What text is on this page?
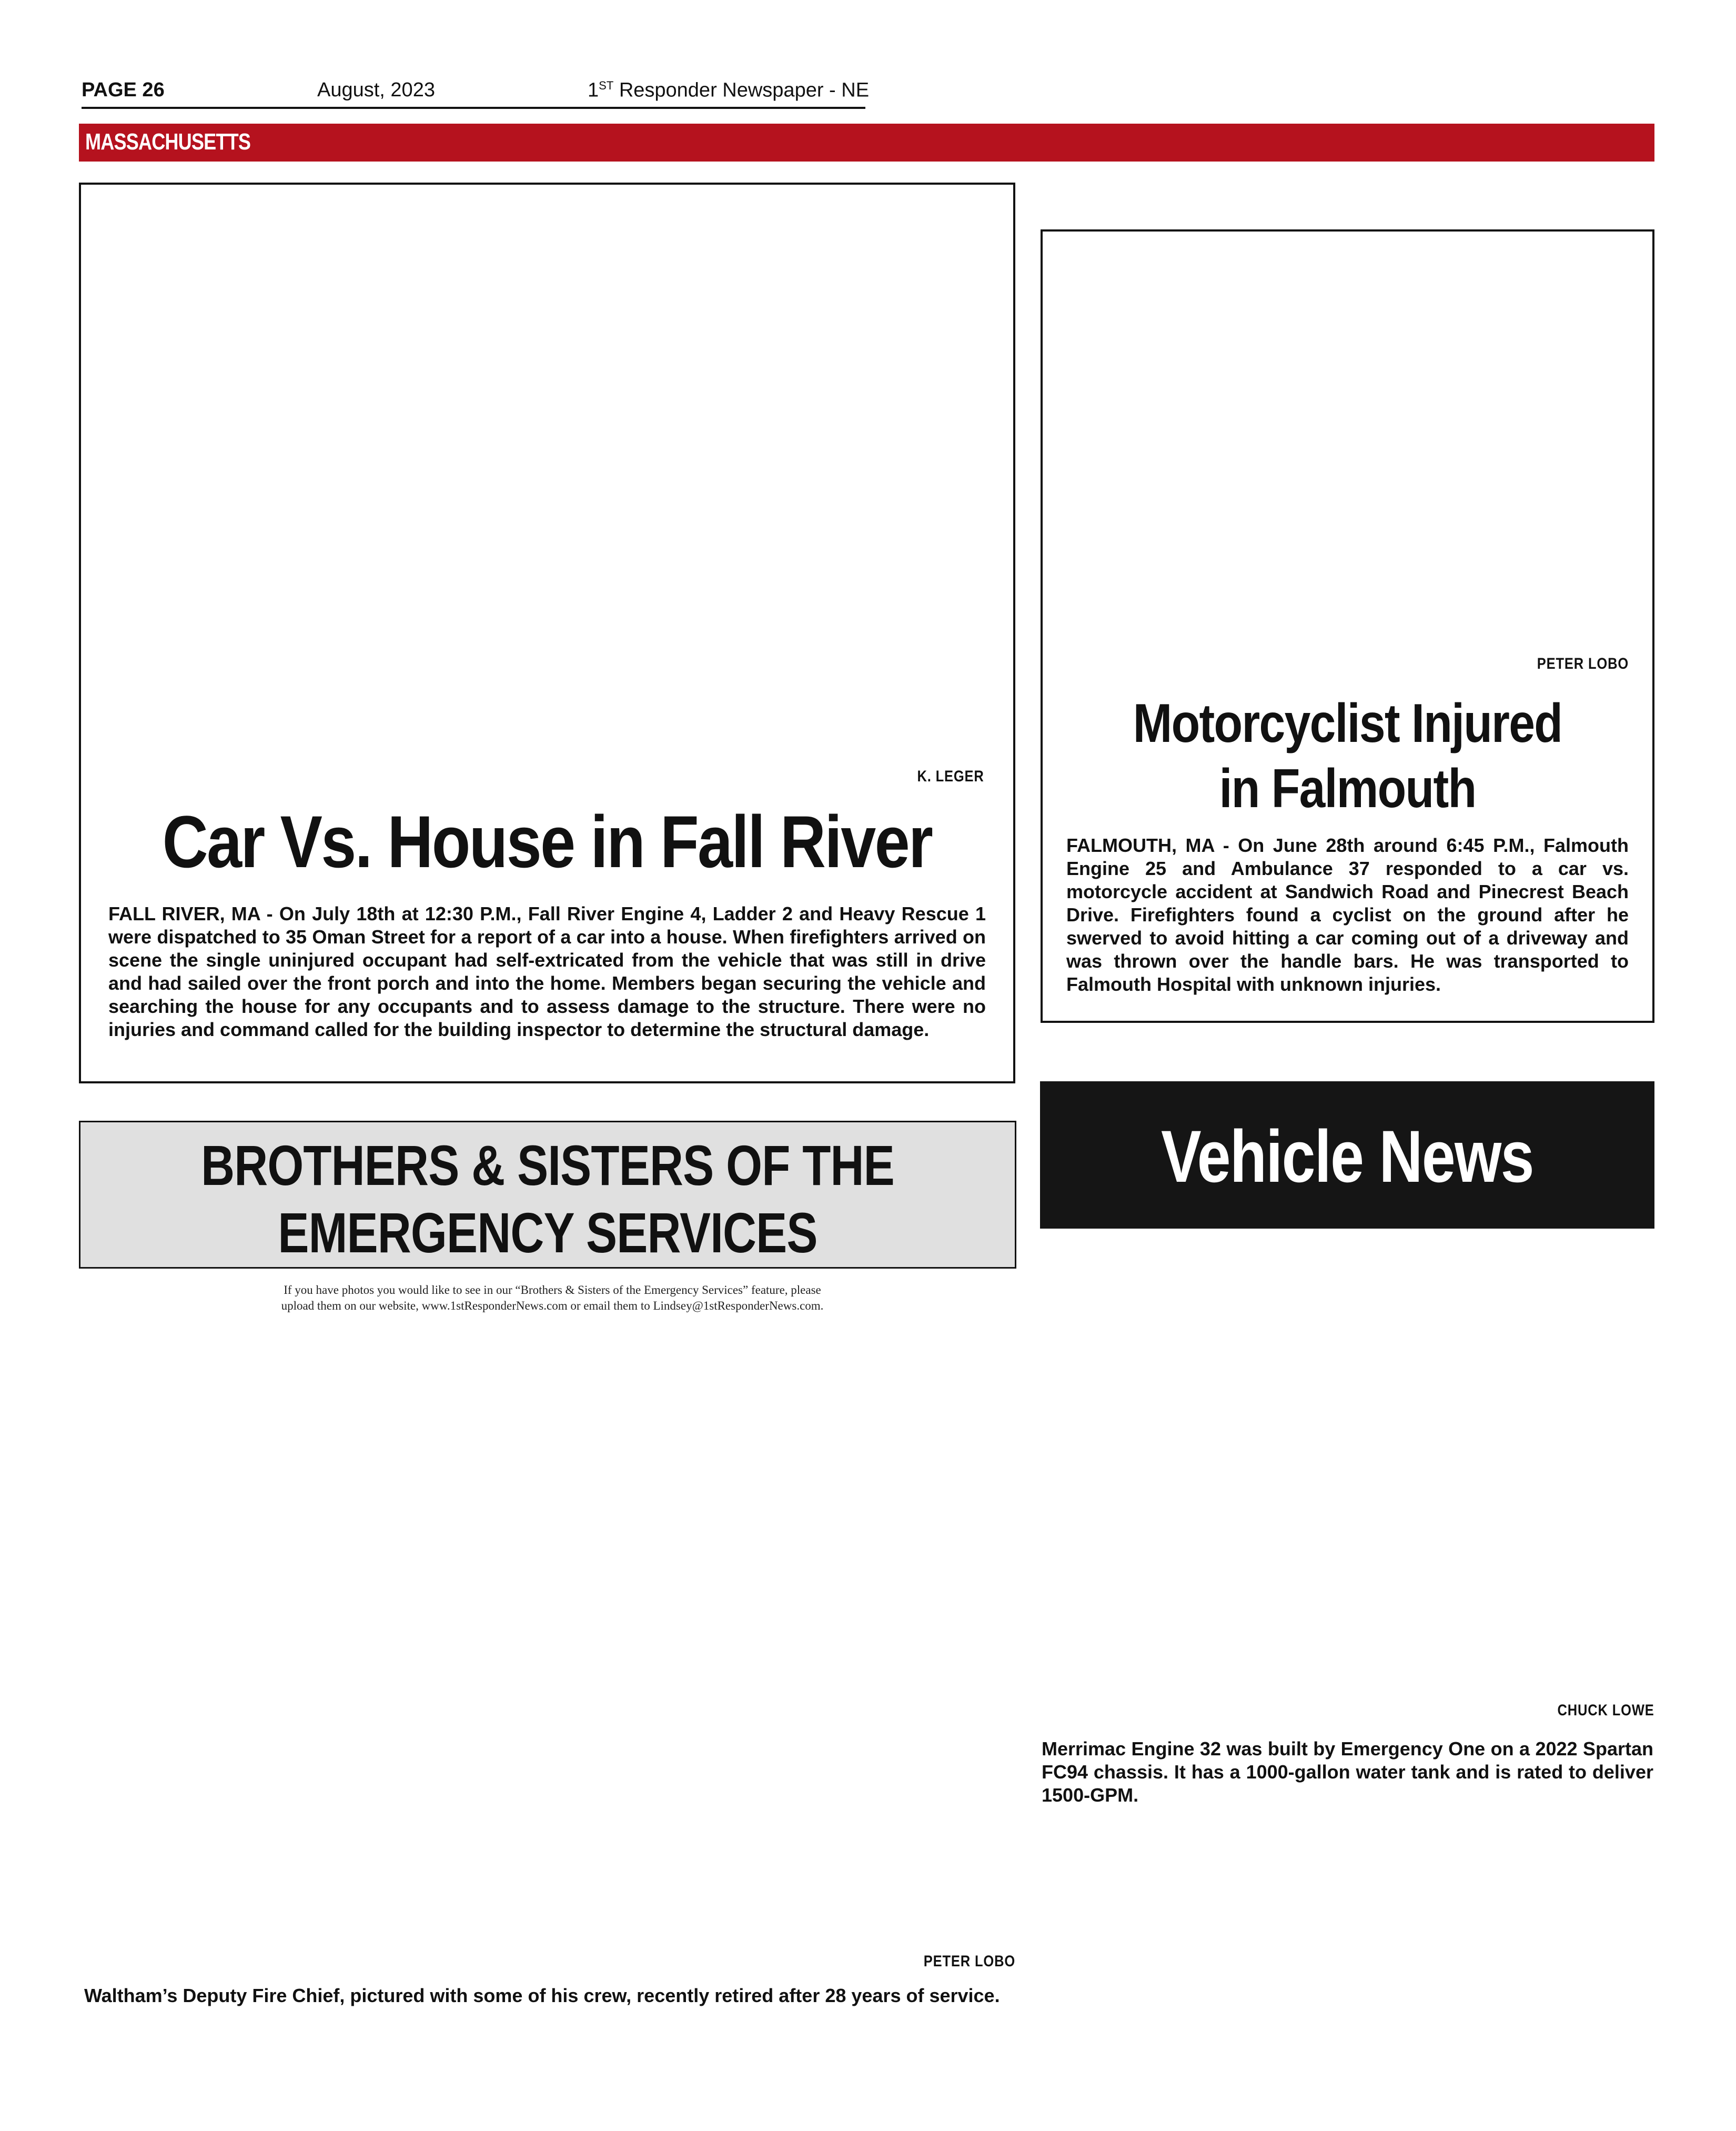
PAGE 26	August, 2023	1ST Responder Newspaper - NE
MASSACHUSETTS
K. LEGER
Car Vs. House in Fall River
FALL RIVER, MA - On July 18th at 12:30 P.M., Fall River Engine 4, Ladder 2 and Heavy Rescue 1 were dispatched to 35 Oman Street for a report of a car into a house. When firefighters arrived on scene the single uninjured occupant had self-extricated from the vehicle that was still in drive and had sailed over the front porch and into the home. Members began securing the vehicle and searching the house for any occupants and to assess damage to the structure. There were no injuries and command called for the building inspector to determine the structural damage.
PETER LOBO
Motorcyclist Injured
in Falmouth
FALMOUTH, MA - On June 28th around 6:45 P.M., Falmouth Engine 25 and Ambulance 37 responded to a car vs. motorcycle accident at Sandwich Road and Pinecrest Beach Drive. Firefighters found a cyclist on the ground after he swerved to avoid hitting a car coming out of a driveway and was thrown over the handle bars. He was transported to Falmouth Hospital with unknown injuries.
BROTHERS & SISTERS OF THE
EMERGENCY SERVICES
If you have photos you would like to see in our “Brothers & Sisters of the Emergency Services” feature, please
upload them on our website, www.1stResponderNews.com or email them to Lindsey@1stResponderNews.com.
PETER LOBO
Waltham’s Deputy Fire Chief, pictured with some of his crew, recently retired after 28 years of service.
Vehicle News
CHUCK LOWE
Merrimac Engine 32 was built by Emergency One on a 2022 Spartan FC94 chassis. It has a 1000-gallon water tank and is rated to deliver 1500-GPM.
